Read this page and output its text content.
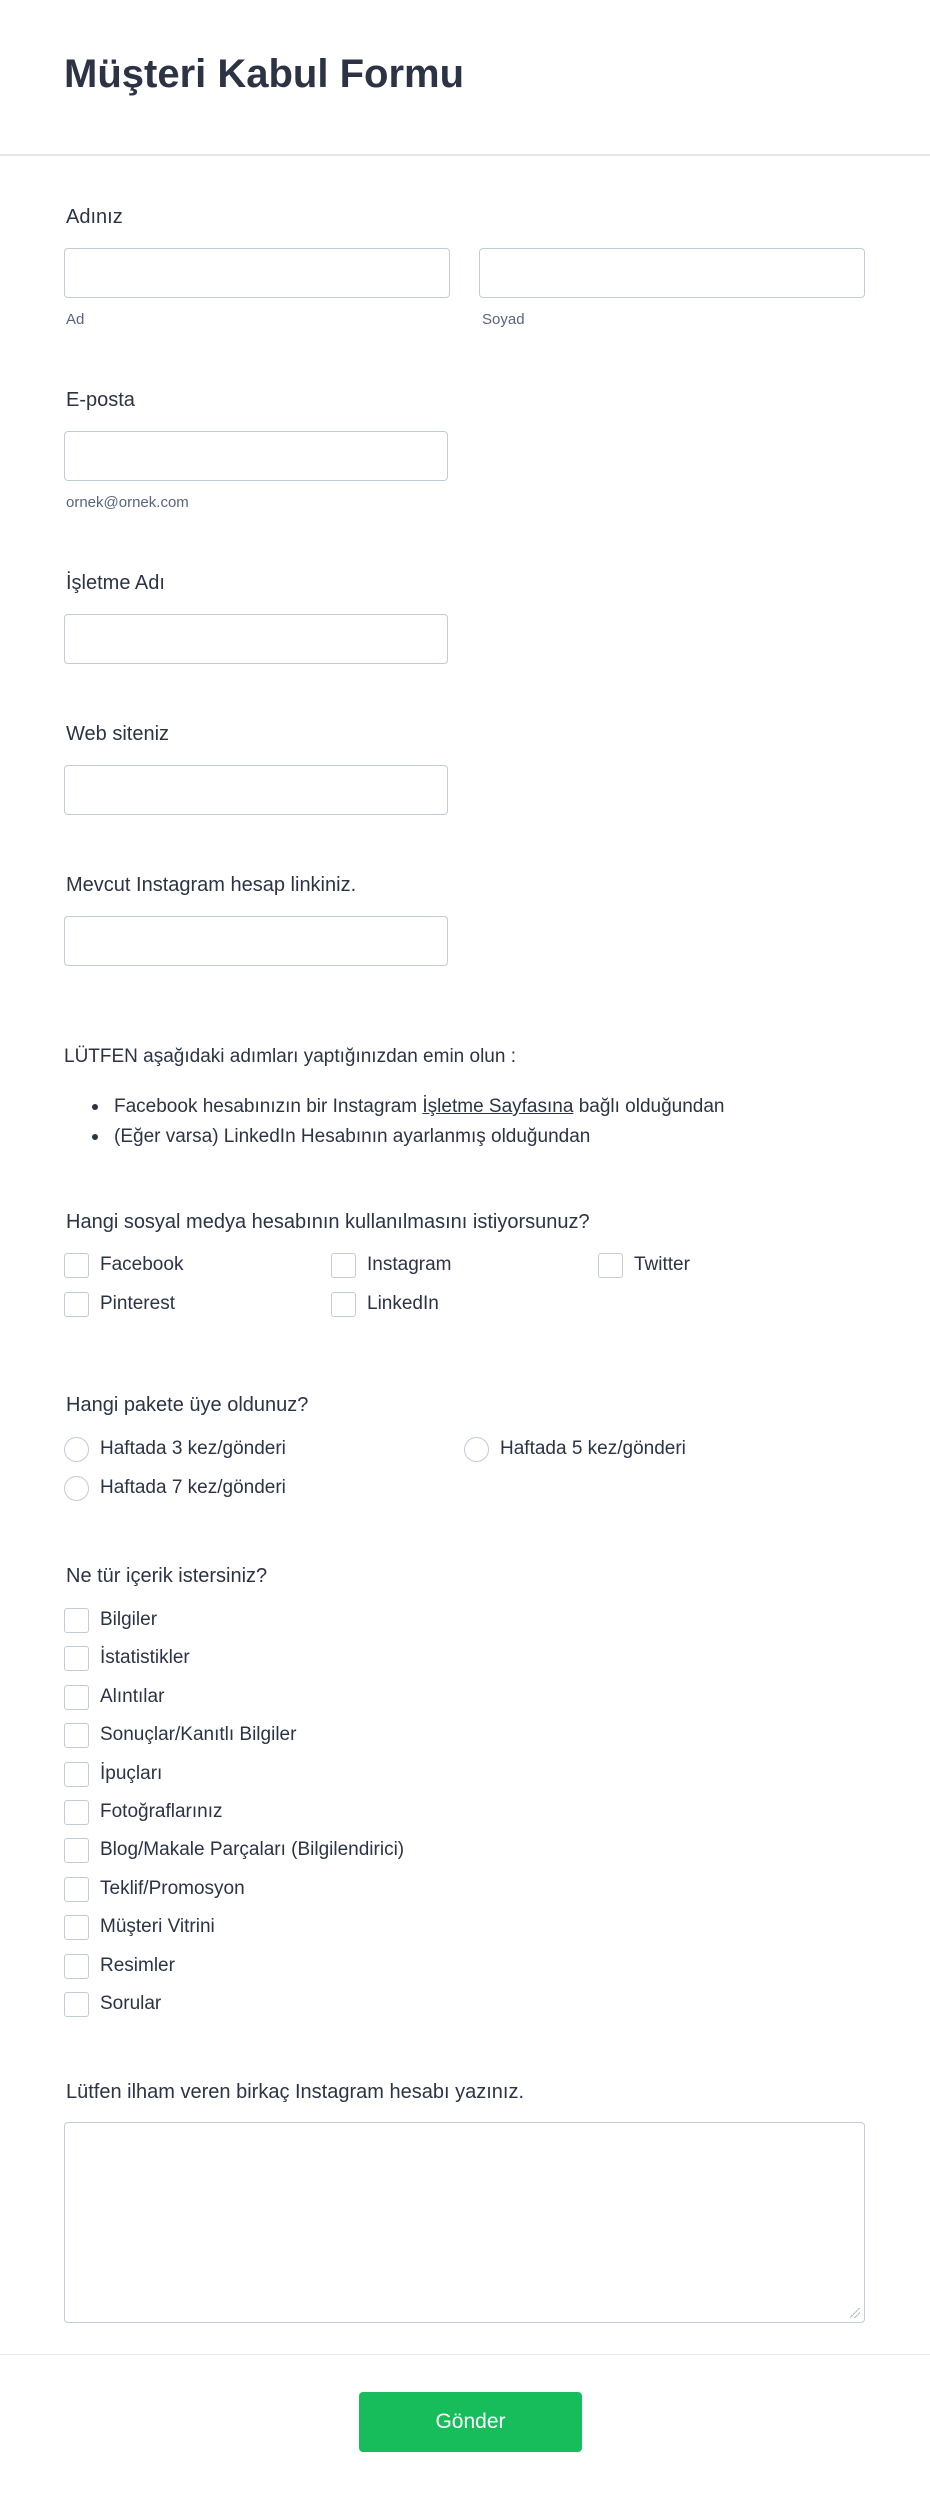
Müşteri Kabul Formu
Adınız
Ad	Soyad
E-posta
ornek@ornek.com
İşletme Adı
Web siteniz
Mevcut Instagram hesap linkiniz.
LÜTFEN aşağıdaki adımları yaptığınızdan emin olun :
Facebook hesabınızın bir Instagram İşletme Sayfasına bağlı olduğundan
(Eğer varsa) LinkedIn Hesabının ayarlanmış olduğundan
Hangi sosyal medya hesabının kullanılmasını istiyorsunuz?
Facebook	Instagram	Twitter
Pinterest	LinkedIn
Hangi pakete üye oldunuz?
Haftada 3 kez/gönderi	Haftada 5 kez/gönderi
Haftada 7 kez/gönderi
Ne tür içerik istersiniz?
Bilgiler
İstatistikler
Alıntılar
Sonuçlar/Kanıtlı Bilgiler
İpuçları
Fotoğraflarınız
Blog/Makale Parçaları (Bilgilendirici)
Teklif/Promosyon
Müşteri Vitrini
Resimler
Sorular
Lütfen ilham veren birkaç Instagram hesabı yazınız.
Gönder
